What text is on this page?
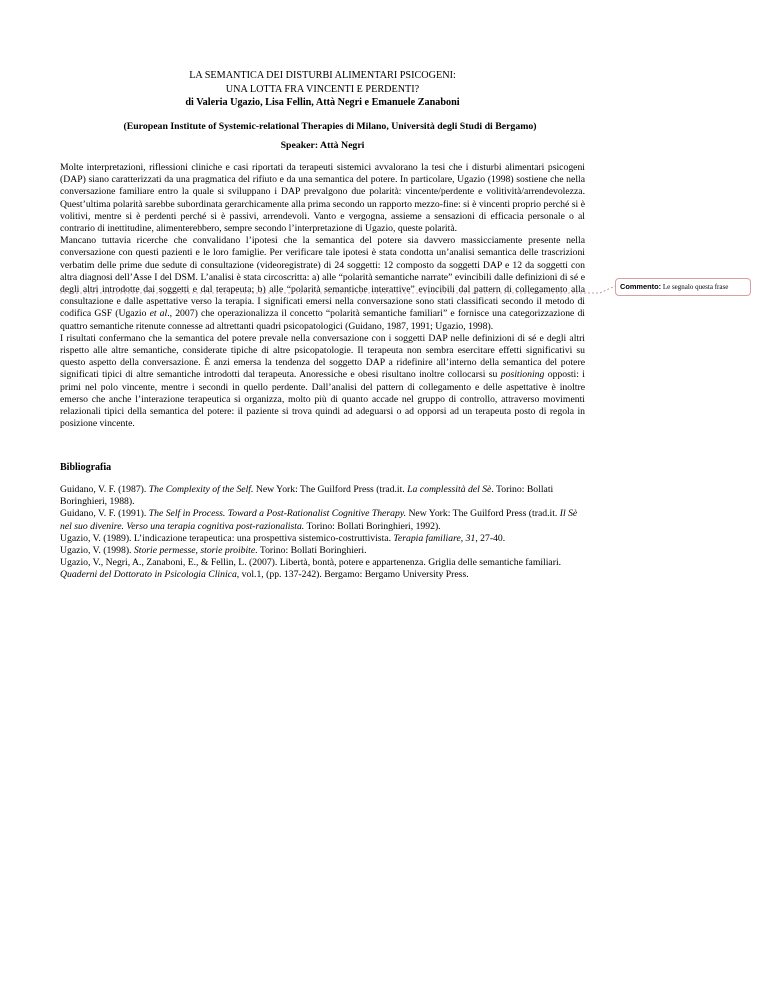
LA SEMANTICA DEI DISTURBI ALIMENTARI PSICOGENI:
UNA LOTTA FRA VINCENTI E PERDENTI?
di Valeria Ugazio, Lisa Fellin, Attà Negri e Emanuele Zanaboni
(European Institute of Systemic-relational Therapies di Milano, Università degli Studi di Bergamo)
Speaker: Attà Negri

Molte interpretazioni, riflessioni cliniche e casi riportati da terapeuti sistemici avvalorano la tesi che i disturbi alimentari psicogeni (DAP) siano caratterizzati da una pragmatica del rifiuto e da una semantica del potere. In particolare, Ugazio (1998) sostiene che nella conversazione familiare entro la quale si sviluppano i DAP prevalgono due polarità: vincente/perdente e volitività/arrendevolezza. Quest’ultima polarità sarebbe subordinata gerarchicamente alla prima secondo un rapporto mezzo-fine: si è vincenti proprio perché si è volitivi, mentre si è perdenti perché si è passivi, arrendevoli. Vanto e vergogna, assieme a sensazioni di efficacia personale o al contrario di inettitudine, alimenterebbero, sempre secondo l’interpretazione di Ugazio, queste polarità.

Mancano tuttavia ricerche che convalidano l’ipotesi che la semantica del potere sia davvero massicciamente presente nella conversazione con questi pazienti e le loro famiglie. Per verificare tale ipotesi è stata condotta un’analisi semantica delle trascrizioni verbatim delle prime due sedute di consultazione (videoregistrate) di 24 soggetti: 12 composto da soggetti DAP e 12 da soggetti con altra diagnosi dell’Asse I del DSM. L’analisi è stata circoscritta: a) alle “polarità semantiche narrate” evincibili dalle definizioni di sé e degli altri introdotte dai soggetti e dal terapeuta; b) alle “polarità semantiche interattive” evincibili dal pattern di collegamento alla consultazione e dalle aspettative verso la terapia. I significati emersi nella conversazione sono stati classificati secondo il metodo di codifica GSF (Ugazio et al., 2007) che operazionalizza il concetto “polarità semantiche familiari” e fornisce una categorizzazione di quattro semantiche ritenute connesse ad altrettanti quadri psicopatologici (Guidano, 1987, 1991; Ugazio, 1998).

I risultati confermano che la semantica del potere prevale nella conversazione con i soggetti DAP nelle definizioni di sé e degli altri rispetto alle altre semantiche, considerate tipiche di altre psicopatologie. Il terapeuta non sembra esercitare effetti significativi su questo aspetto della conversazione. È anzi emersa la tendenza del soggetto DAP a ridefinire all’interno della semantica del potere significati tipici di altre semantiche introdotti dal terapeuta. Anoressiche e obesi risultano inoltre collocarsi su positioning opposti: i primi nel polo vincente, mentre i secondi in quello perdente. Dall’analisi del pattern di collegamento e delle aspettative è inoltre emerso che anche l’interazione terapeutica si organizza, molto più di quanto accade nel gruppo di controllo, attraverso movimenti relazionali tipici della semantica del potere: il paziente si trova quindi ad adeguarsi o ad opporsi ad un terapeuta posto di regola in posizione vincente.

Bibliografia

Guidano, V. F. (1987). The Complexity of the Self. New York: The Guilford Press (trad.it. La complessità del Sè. Torino: Bollati Boringhieri, 1988).

Guidano, V. F. (1991). The Self in Process. Toward a Post-Rationalist Cognitive Therapy. New York: The Guilford Press (trad.it. Il Sè nel suo divenire. Verso una terapia cognitiva post-razionalista. Torino: Bollati Boringhieri, 1992).

Ugazio, V. (1989). L’indicazione terapeutica: una prospettiva sistemico-costruttivista. Terapia familiare, 31, 27-40.

Ugazio, V. (1998). Storie permesse, storie proibite. Torino: Bollati Boringhieri.

Ugazio, V., Negri, A., Zanaboni, E., & Fellin, L. (2007). Libertà, bontà, potere e appartenenza. Griglia delle semantiche familiari. Quaderni del Dottorato in Psicologia Clinica, vol.1, (pp. 137-242). Bergamo: Bergamo University Press.

Commento: Le segnalo questa frase
